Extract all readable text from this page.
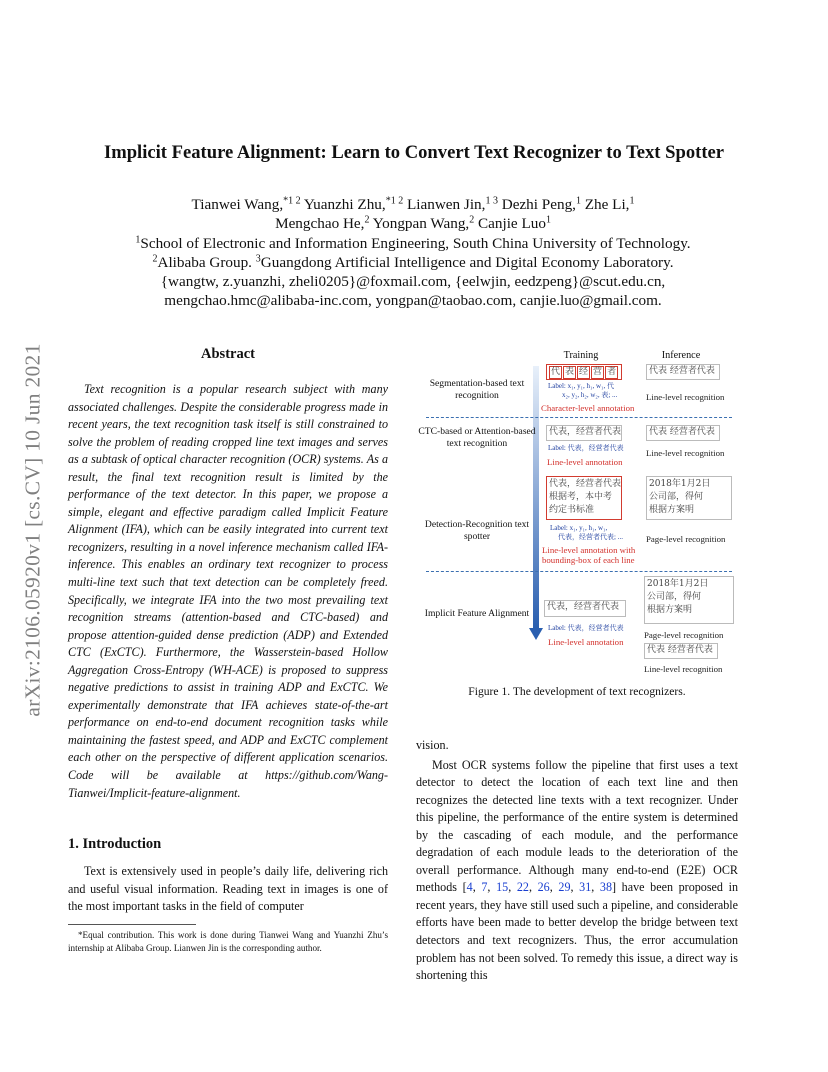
arXiv:2106.05920v1 [cs.CV] 10 Jun 2021
Implicit Feature Alignment: Learn to Convert Text Recognizer to Text Spotter
Tianwei Wang,$^{*1 2}$ Yuanzhi Zhu,$^{*1 2}$ Lianwen Jin,$^{1 3}$ Dezhi Peng,$^1$ Zhe Li,$^1$
Mengchao He,$^2$ Yongpan Wang,$^2$ Canjie Luo$^1$
$^1$School of Electronic and Information Engineering, South China University of Technology.
$^2$Alibaba Group. $^3$Guangdong Artificial Intelligence and Digital Economy Laboratory.
{wangtw, z.yuanzhi, zheli0205}@foxmail.com, {eelwjin, eedzpeng}@scut.edu.cn,
mengchao.hmc@alibaba-inc.com, yongpan@taobao.com, canjie.luo@gmail.com.
Abstract

Text recognition is a popular research subject with many associated challenges. Despite the considerable progress made in recent years, the text recognition task itself is still constrained to solve the problem of reading cropped line text images and serves as a subtask of optical character recognition (OCR) systems. As a result, the final text recognition result is limited by the performance of the text detector. In this paper, we propose a simple, elegant and effective paradigm called Implicit Feature Alignment (IFA), which can be easily integrated into current text recognizers, resulting in a novel inference mechanism called IFA-inference. This enables an ordinary text recognizer to process multi-line text such that text detection can be completely freed. Specifically, we integrate IFA into the two most prevailing text recognition streams (attention-based and CTC-based) and propose attention-guided dense prediction (ADP) and Extended CTC (ExCTC). Furthermore, the Wasserstein-based Hollow Aggregation Cross-Entropy (WH-ACE) is proposed to suppress negative predictions to assist in training ADP and ExCTC. We experimentally demonstrate that IFA achieves state-of-the-art performance on end-to-end document recognition tasks while maintaining the fastest speed, and ADP and ExCTC complement each other on the perspective of different application scenarios. Code will be available at https://github.com/Wang-Tianwei/Implicit-feature-alignment.

1. Introduction

Text is extensively used in people’s daily life, delivering rich and useful visual information. Reading text in images is one of the most important tasks in the field of computer

*Equal contribution. This work is done during Tianwei Wang and Yuanzhi Zhu’s internship at Alibaba Group. Lianwen Jin is the corresponding author.

Training	Inference
Segmentation-based text recognition
代 表 经 营 者
Label: x₁, y₁, h₁, w₁, 代
x₂, y₂, h₂, w₂, 表; ...
Character-level annotation
代表 经营者代表
Line-level recognition
CTC-based or Attention-based text recognition
代表，经营者代表
Label: 代表，经营者代表
Line-level annotation
代表 经营者代表
Line-level recognition
Detection-Recognition text spotter
代表，经营者代表
根据考，本中考
约定书标准
Label: x₁, y₁, h₁, w₁,
代表，经营者代表; ...
Line-level annotation with bounding-box of each line
2018年1月2日
公司部，得何
根据方案明
Page-level recognition
Implicit Feature Alignment
代表，经营者代表
Label: 代表，经营者代表
Line-level annotation
2018年1月2日
公司部，得何
根据方案明
Page-level recognition
代表 经营者代表
Line-level recognition
Figure 1. The development of text recognizers.

vision.

Most OCR systems follow the pipeline that first uses a text detector to detect the location of each text line and then recognizes the detected line texts with a text recognizer. Under this pipeline, the performance of the entire system is determined by the cascading of each module, and the performance degradation of each module leads to the deterioration of the overall performance. Although many end-to-end (E2E) OCR methods [4, 7, 15, 22, 26, 29, 31, 38] have been proposed in recent years, they have still used such a pipeline, and considerable efforts have been made to better develop the bridge between text detectors and text recognizers. Thus, the error accumulation problem has not been solved. To remedy this issue, a direct way is shortening this
